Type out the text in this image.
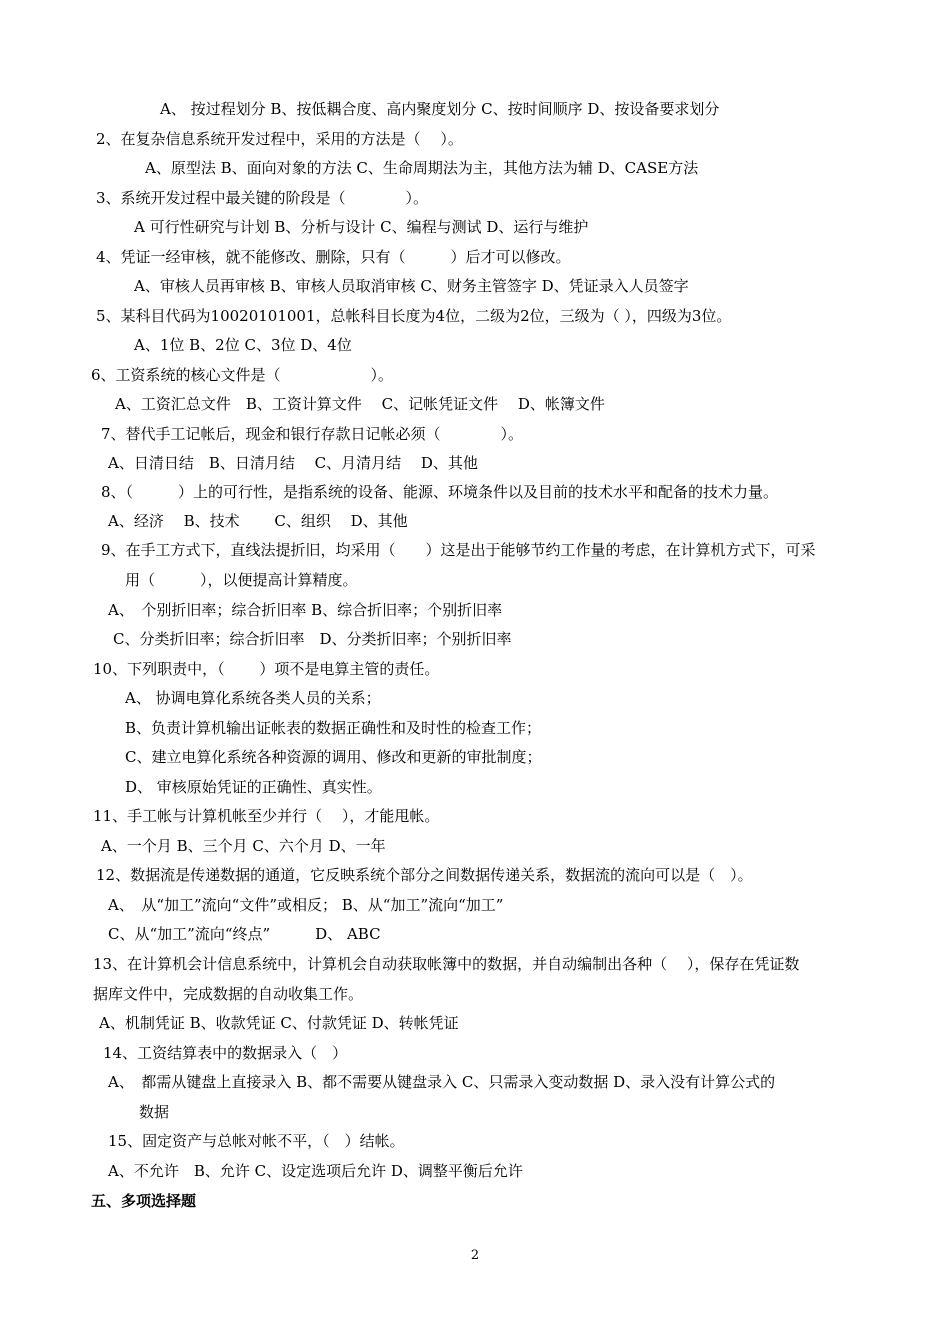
A、 按过程划分 B、按低耦合度、高内聚度划分 C、按时间顺序 D、按设备要求划分
2、在复杂信息系统开发过程中，采用的方法是（　 ）。
A、原型法 B、面向对象的方法 C、生命周期法为主，其他方法为辅 D、CASE方法
3、系统开发过程中最关键的阶段是（　　　　）。
A 可行性研究与计划 B、分析与设计 C、编程与测试 D、运行与维护
4、凭证一经审核，就不能修改、删除，只有（　　　）后才可以修改。
A、审核人员再审核 B、审核人员取消审核 C、财务主管签字 D、凭证录入人员签字
5、某科目代码为10020101001，总帐科目长度为4位，二级为2位，三级为（ ），四级为3位。
A、1位 B、2位 C、3位 D、4位
6、工资系统的核心文件是（　　　　　　）。
A、工资汇总文件　B、工资计算文件　 C、记帐凭证文件　 D、帐簿文件
7、替代手工记帐后，现金和银行存款日记帐必须（　　　　）。
A、日清日结　B、日清月结　 C、月清月结　 D、其他
8、（　　　）上的可行性，是指系统的设备、能源、环境条件以及目前的技术水平和配备的技术力量。
A、经济　 B、技术　　 C、组织　 D、其他
9、在手工方式下，直线法提折旧，均采用（　　）这是出于能够节约工作量的考虑，在计算机方式下，可采
用（　　　），以便提高计算精度。
A、　个别折旧率；综合折旧率 B、综合折旧率；个别折旧率
C、分类折旧率；综合折旧率　D、分类折旧率；个别折旧率
10、下列职责中，（　　 ）项不是电算主管的责任。
A、 协调电算化系统各类人员的关系；
B、负责计算机输出证帐表的数据正确性和及时性的检查工作；
C、建立电算化系统各种资源的调用、修改和更新的审批制度；
D、 审核原始凭证的正确性、真实性。
11、手工帐与计算机帐至少并行（　 ），才能甩帐。
A、一个月 B、三个月 C、六个月 D、一年
12、数据流是传递数据的通道，它反映系统个部分之间数据传递关系，数据流的流向可以是（　）。
A、　从“加工”流向“文件”或相反； B、从“加工”流向“加工”
C、从“加工”流向“终点”　　　D、 ABC
13、在计算机会计信息系统中，计算机会自动获取帐簿中的数据，并自动编制出各种（　 ），保存在凭证数
据库文件中，完成数据的自动收集工作。
A、机制凭证 B、收款凭证 C、付款凭证 D、转帐凭证
14、工资结算表中的数据录入（　）
A、　都需从键盘上直接录入 B、都不需要从键盘录入 C、只需录入变动数据 D、录入没有计算公式的
数据
15、固定资产与总帐对帐不平，（　）结帐。
A、不允许　B、允许 C、设定选项后允许 D、调整平衡后允许
五、多项选择题
2
